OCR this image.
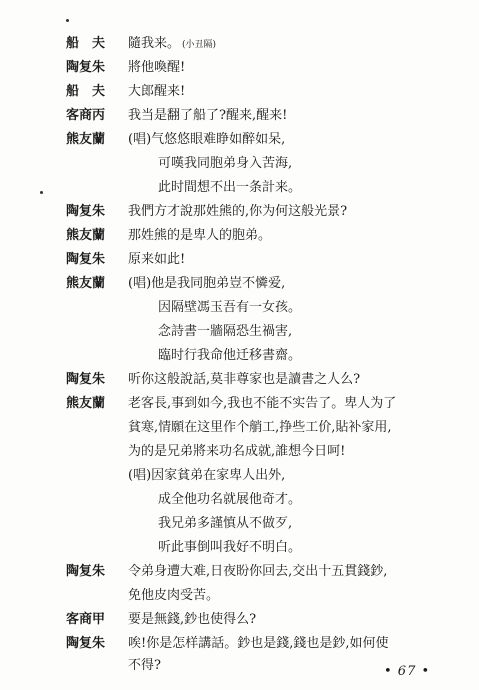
船　夫	隨我来。 (小丑隔)
陶复朱	將他喚醒!
船　夫	大郎醒来!
客商丙	我当是翻了船了?醒来,醒来!
熊友蘭	(唱)气悠悠眼难睁如醉如呆,
可嘆我同胞弟身入苦海,
此时間想不出一条計来。
陶复朱	我們方才說那姓熊的,你为何这般光景?
熊友蘭	那姓熊的是卑人的胞弟。
陶复朱	原来如此!
熊友蘭	(唱)他是我同胞弟豈不憐爱,
因隔壁馮玉吾有一女孩。
念詩書一牆隔恐生禍害,
臨时行我命他迁移書齋。
陶复朱	听你这般說話,莫非尊家也是讀書之人么?
熊友蘭	老客長,事到如今,我也不能不实告了。卑人为了
貧寒,情願在这里作个艄工,挣些工价,貼补家用,
为的是兄弟將来功名成就,誰想今日呵!
(唱)因家貧弟在家卑人出外,
成全他功名就展他奇才。
我兄弟多謹慎从不做歹,
听此事倒叫我好不明白。
陶复朱	令弟身遭大难,日夜盼你回去,交出十五貫錢鈔,
免他皮肉受苦。
客商甲	要是無錢,鈔也使得么?
陶复朱	唉!你是怎样講話。鈔也是錢,錢也是鈔,如何使
不得?	• 67 •
